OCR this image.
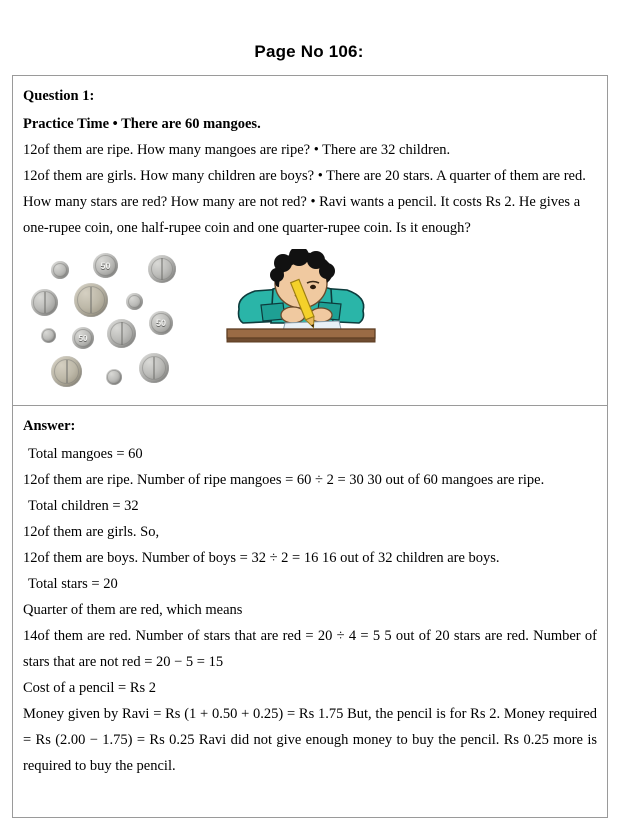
Page No 106:

Question 1:

Practice Time • There are 60 mangoes.

12of them are ripe. How many mangoes are ripe? • There are 32 children.

12of them are girls. How many children are boys? • There are 20 stars. A quarter of them are red.

How many stars are red? How many are not red? • Ravi wants a pencil. It costs Rs 2. He gives a

one-rupee coin, one half-rupee coin and one quarter-rupee coin. Is it enough?

50
50
50

Answer:

Total mangoes = 60

12of them are ripe. Number of ripe mangoes = 60 ÷ 2 = 30 30 out of 60 mangoes are ripe.

Total children = 32

12of them are girls. So,

12of them are boys. Number of boys = 32 ÷ 2 = 16 16 out of 32 children are boys.

Total stars = 20

Quarter of them are red, which means

14of them are red. Number of stars that are red = 20 ÷ 4 = 5 5 out of 20 stars are red. Number of stars that are not red = 20 − 5 = 15

Cost of a pencil = Rs 2

Money given by Ravi = Rs (1 + 0.50 + 0.25) = Rs 1.75 But, the pencil is for Rs 2. Money required = Rs (2.00 − 1.75) = Rs 0.25 Ravi did not give enough money to buy the pencil. Rs 0.25 more is required to buy the pencil.
